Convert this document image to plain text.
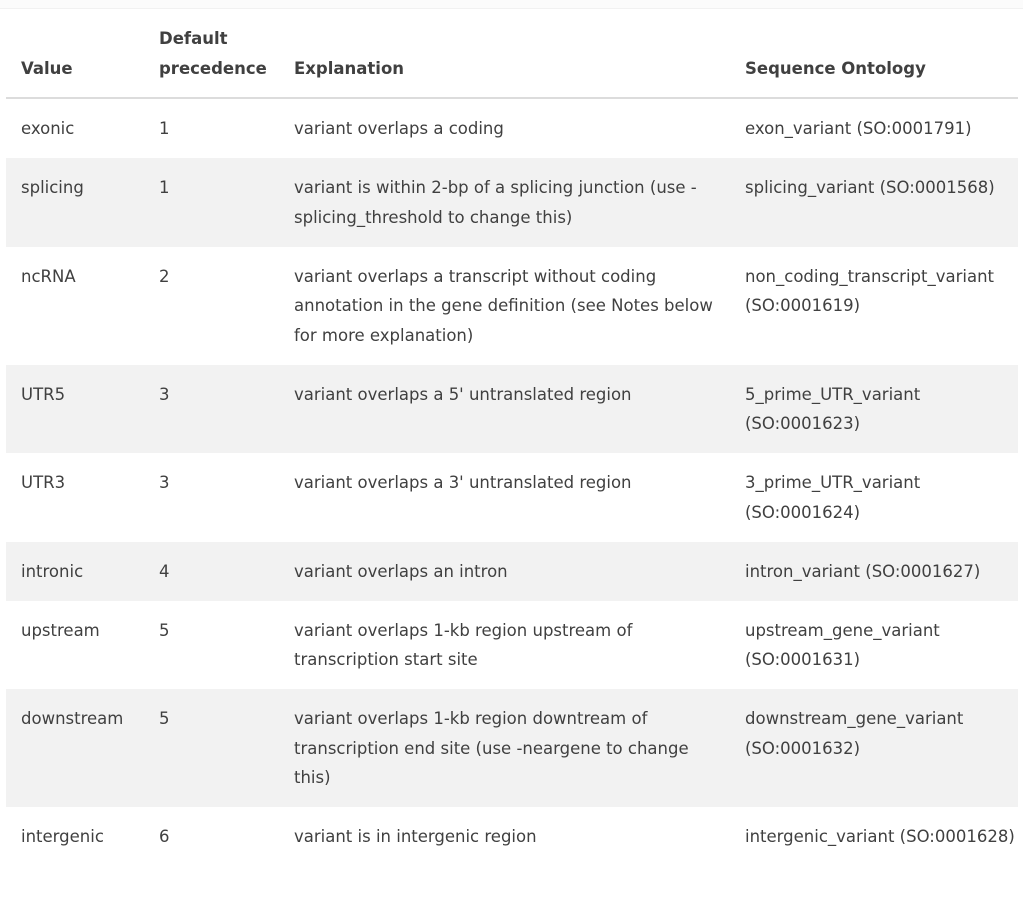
Value	Default precedence	Explanation	Sequence Ontology
exonic	1	variant overlaps a coding	exon_variant (SO:0001791)
splicing	1	variant is within 2-bp of a splicing junction (use -splicing_threshold to change this)	splicing_variant (SO:0001568)
ncRNA	2	variant overlaps a transcript without coding annotation in the gene definition (see Notes below for more explanation)	non_coding_transcript_variant (SO:0001619)
UTR5	3	variant overlaps a 5' untranslated region	5_prime_UTR_variant (SO:0001623)
UTR3	3	variant overlaps a 3' untranslated region	3_prime_UTR_variant (SO:0001624)
intronic	4	variant overlaps an intron	intron_variant (SO:0001627)
upstream	5	variant overlaps 1-kb region upstream of transcription start site	upstream_gene_variant (SO:0001631)
downstream	5	variant overlaps 1-kb region downtream of transcription end site (use -neargene to change this)	downstream_gene_variant (SO:0001632)
intergenic	6	variant is in intergenic region	intergenic_variant (SO:0001628)
